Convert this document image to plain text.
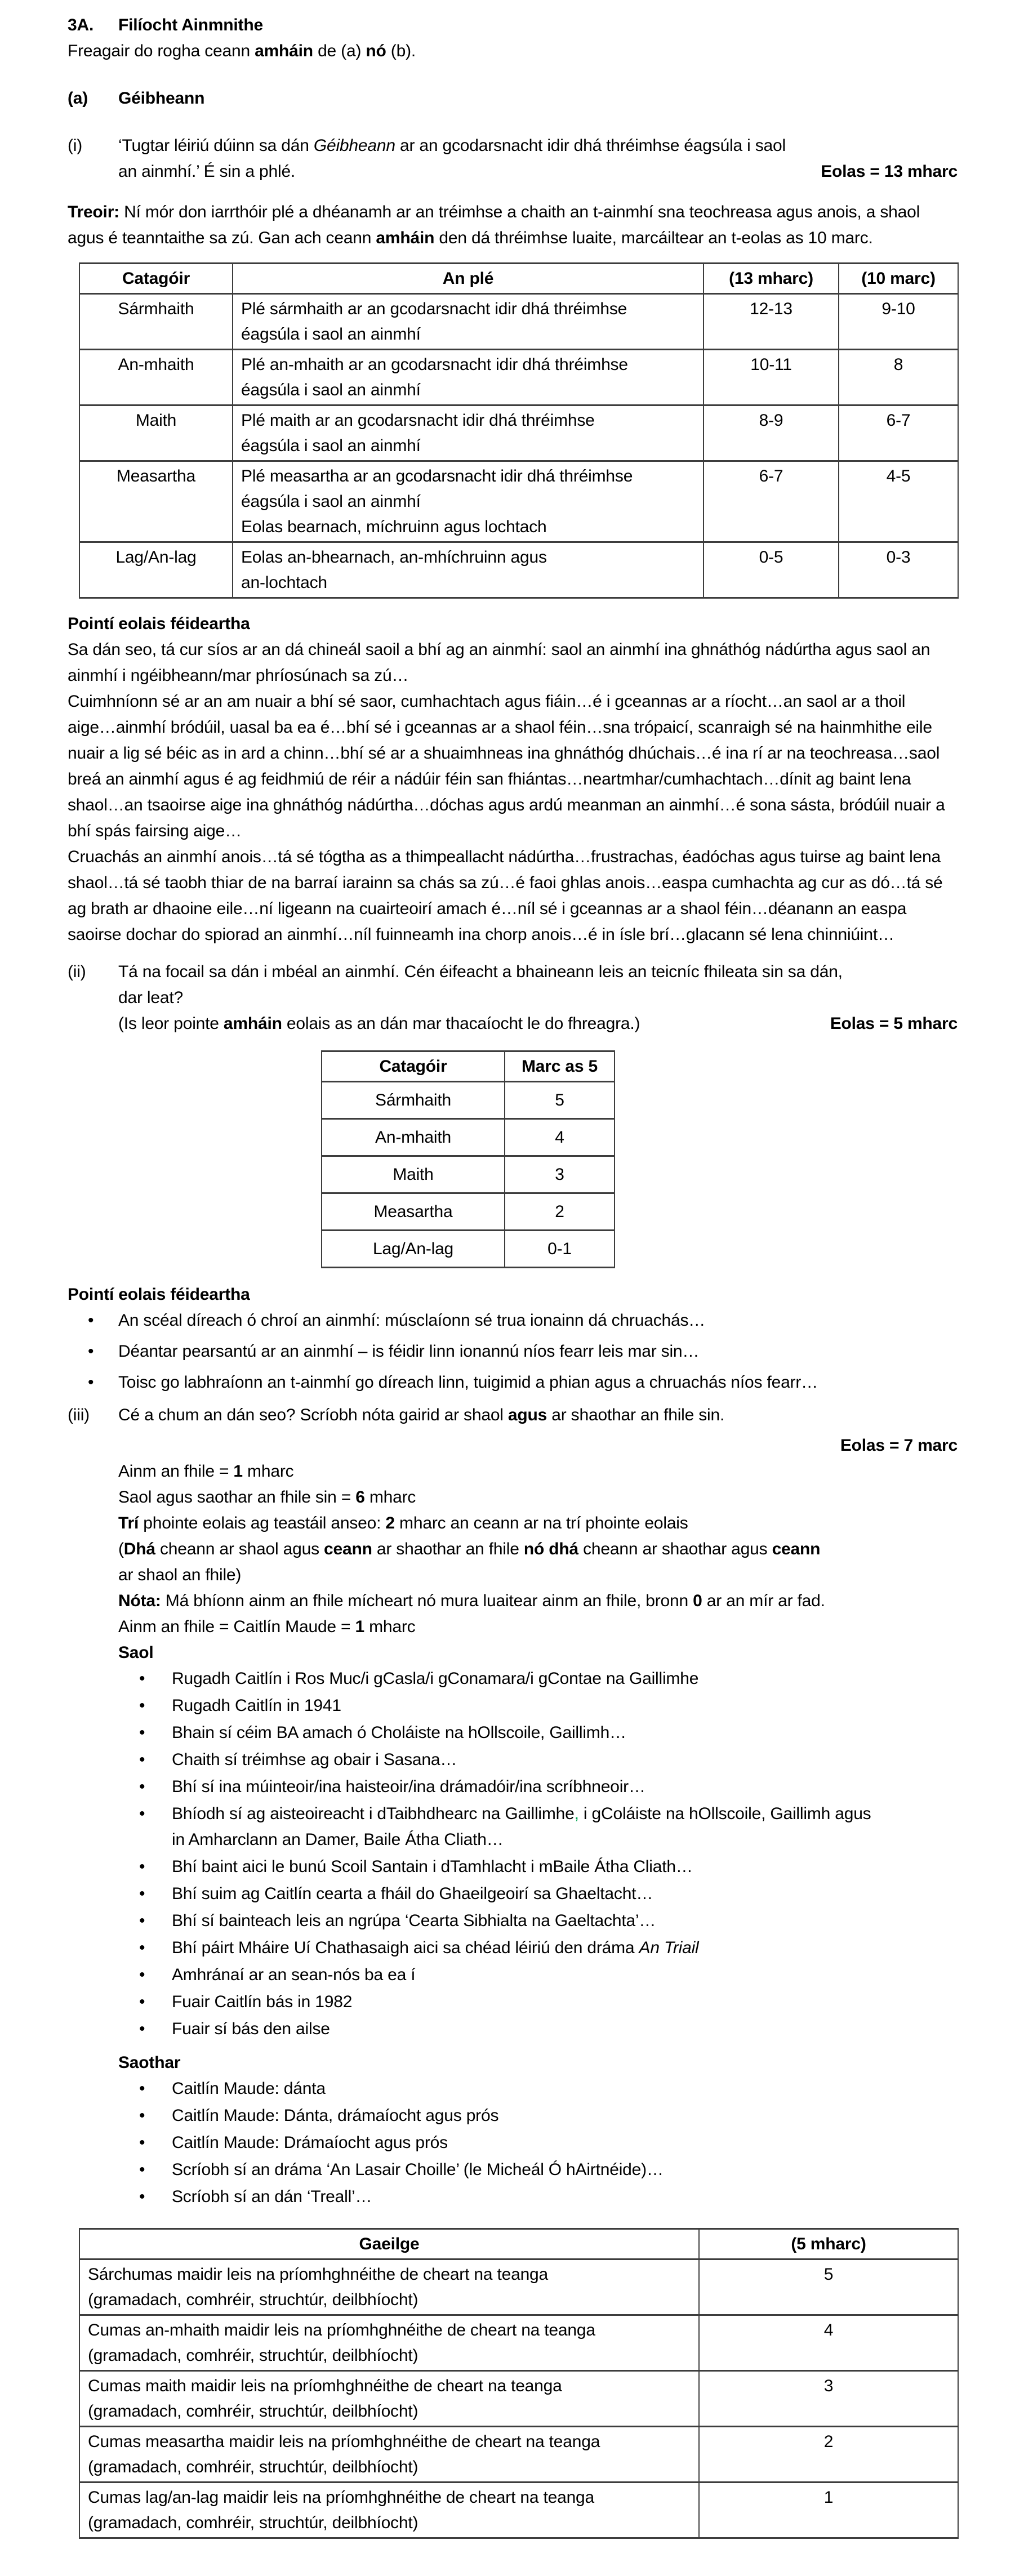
3A.	Filíocht Ainmnithe

Freagair do rogha ceann amháin de (a) nó (b).

(a)	Géibheann
(i)	‘Tugtar léiriú dúinn sa dán Géibheann ar an gcodarsnacht idir dhá thréimhse éagsúla i saol
an ainmhí.’ É sin a phlé.	Eolas = 13 mharc

Treoir: Ní mór don iarrthóir plé a dhéanamh ar an tréimhse a chaith an t-ainmhí sna teochreasa agus anois, a shaol agus é teanntaithe sa zú. Gan ach ceann amháin den dá thréimhse luaite, marcáiltear an t-eolas as 10 marc.

Catagóir	An plé	(13 mharc)	(10 marc)
Sármhaith	Plé sármhaith ar an gcodarsnacht idir dhá thréimhse
éagsúla i saol an ainmhí	12-13	9-10
An-mhaith	Plé an-mhaith ar an gcodarsnacht idir dhá thréimhse
éagsúla i saol an ainmhí	10-11	8
Maith	Plé maith ar an gcodarsnacht idir dhá thréimhse
éagsúla i saol an ainmhí	8-9	6-7
Measartha	Plé measartha ar an gcodarsnacht idir dhá thréimhse
éagsúla i saol an ainmhí
Eolas bearnach, míchruinn agus lochtach	6-7	4-5
Lag/An-lag	Eolas an-bhearnach, an-mhíchruinn agus
an-lochtach	0-5	0-3
Pointí eolais féideartha

Sa dán seo, tá cur síos ar an dá chineál saoil a bhí ag an ainmhí: saol an ainmhí ina ghnáthóg nádúrtha agus saol an ainmhí i ngéibheann/mar phríosúnach sa zú…
Cuimhníonn sé ar an am nuair a bhí sé saor, cumhachtach agus fiáin…é i gceannas ar a ríocht…an saol ar a thoil aige…ainmhí bródúil, uasal ba ea é…bhí sé i gceannas ar a shaol féin…sna trópaicí, scanraigh sé na hainmhithe eile nuair a lig sé béic as in ard a chinn…bhí sé ar a shuaimhneas ina ghnáthóg dhúchais…é ina rí ar na teochreasa…saol breá an ainmhí agus é ag feidhmiú de réir a nádúir féin san fhiántas…neartmhar/cumhachtach…dínit ag baint lena shaol…an tsaoirse aige ina ghnáthóg nádúrtha…dóchas agus ardú meanman an ainmhí…é sona sásta, bródúil nuair a bhí spás fairsing aige…
Cruachás an ainmhí anois…tá sé tógtha as a thimpeallacht nádúrtha…frustrachas, éadóchas agus tuirse ag baint lena shaol…tá sé taobh thiar de na barraí iarainn sa chás sa zú…é faoi ghlas anois…easpa cumhachta ag cur as dó…tá sé ag brath ar dhaoine eile…ní ligeann na cuairteoirí amach é…níl sé i gceannas ar a shaol féin…déanann an easpa saoirse dochar do spiorad an ainmhí…níl fuinneamh ina chorp anois…é in ísle brí…glacann sé lena chinniúint…

(ii)	Tá na focail sa dán i mbéal an ainmhí. Cén éifeacht a bhaineann leis an teicníc fhileata sin sa dán,
dar leat?
(Is leor pointe amháin eolais as an dán mar thacaíocht le do fhreagra.)	Eolas = 5 mharc
Catagóir	Marc as 5
Sármhaith	5
An-mhaith	4
Maith	3
Measartha	2
Lag/An-lag	0-1
Pointí eolais féideartha
• An scéal díreach ó chroí an ainmhí: músclaíonn sé trua ionainn dá chruachás…
• Déantar pearsantú ar an ainmhí – is féidir linn ionannú níos fearr leis mar sin…
• Toisc go labhraíonn an t-ainmhí go díreach linn, tuigimid a phian agus a chruachás níos fearr…
(iii)	Cé a chum an dán seo? Scríobh nóta gairid ar shaol agus ar shaothar an fhile sin.
Eolas = 7 marc
Ainm an fhile = 1 mharc
Saol agus saothar an fhile sin = 6 mharc
Trí phointe eolais ag teastáil anseo: 2 mharc an ceann ar na trí phointe eolais
(Dhá cheann ar shaol agus ceann ar shaothar an fhile nó dhá cheann ar shaothar agus ceann
ar shaol an fhile)
Nóta: Má bhíonn ainm an fhile mícheart nó mura luaitear ainm an fhile, bronn 0 ar an mír ar fad.
Ainm an fhile = Caitlín Maude = 1 mharc
Saol
• Rugadh Caitlín i Ros Muc/i gCasla/i gConamara/i gContae na Gaillimhe
• Rugadh Caitlín in 1941
• Bhain sí céim BA amach ó Choláiste na hOllscoile, Gaillimh…
• Chaith sí tréimhse ag obair i Sasana…
• Bhí sí ina múinteoir/ina haisteoir/ina drámadóir/ina scríbhneoir…
• Bhíodh sí ag aisteoireacht i dTaibhdhearc na Gaillimhe, i gColáiste na hOllscoile, Gaillimh agus
in Amharclann an Damer, Baile Átha Cliath…
• Bhí baint aici le bunú Scoil Santain i dTamhlacht i mBaile Átha Cliath…
• Bhí suim ag Caitlín cearta a fháil do Ghaeilgeoirí sa Ghaeltacht…
• Bhí sí bainteach leis an ngrúpa ‘Cearta Sibhialta na Gaeltachta’…
• Bhí páirt Mháire Uí Chathasaigh aici sa chéad léiriú den dráma An Triail
• Amhránaí ar an sean-nós ba ea í
• Fuair Caitlín bás in 1982
• Fuair sí bás den ailse
Saothar
• Caitlín Maude: dánta
• Caitlín Maude: Dánta, drámaíocht agus prós
• Caitlín Maude: Drámaíocht agus prós
• Scríobh sí an dráma ‘An Lasair Choille’ (le Micheál Ó hAirtnéide)…
• Scríobh sí an dán ‘Treall’…
Gaeilge	(5 mharc)
Sárchumas maidir leis na príomhghnéithe de cheart na teanga
(gramadach, comhréir, struchtúr, deilbhíocht)	5
Cumas an-mhaith maidir leis na príomhghnéithe de cheart na teanga
(gramadach, comhréir, struchtúr, deilbhíocht)	4
Cumas maith maidir leis na príomhghnéithe de cheart na teanga
(gramadach, comhréir, struchtúr, deilbhíocht)	3
Cumas measartha maidir leis na príomhghnéithe de cheart na teanga
(gramadach, comhréir, struchtúr, deilbhíocht)	2
Cumas lag/an-lag maidir leis na príomhghnéithe de cheart na teanga
(gramadach, comhréir, struchtúr, deilbhíocht)	1
